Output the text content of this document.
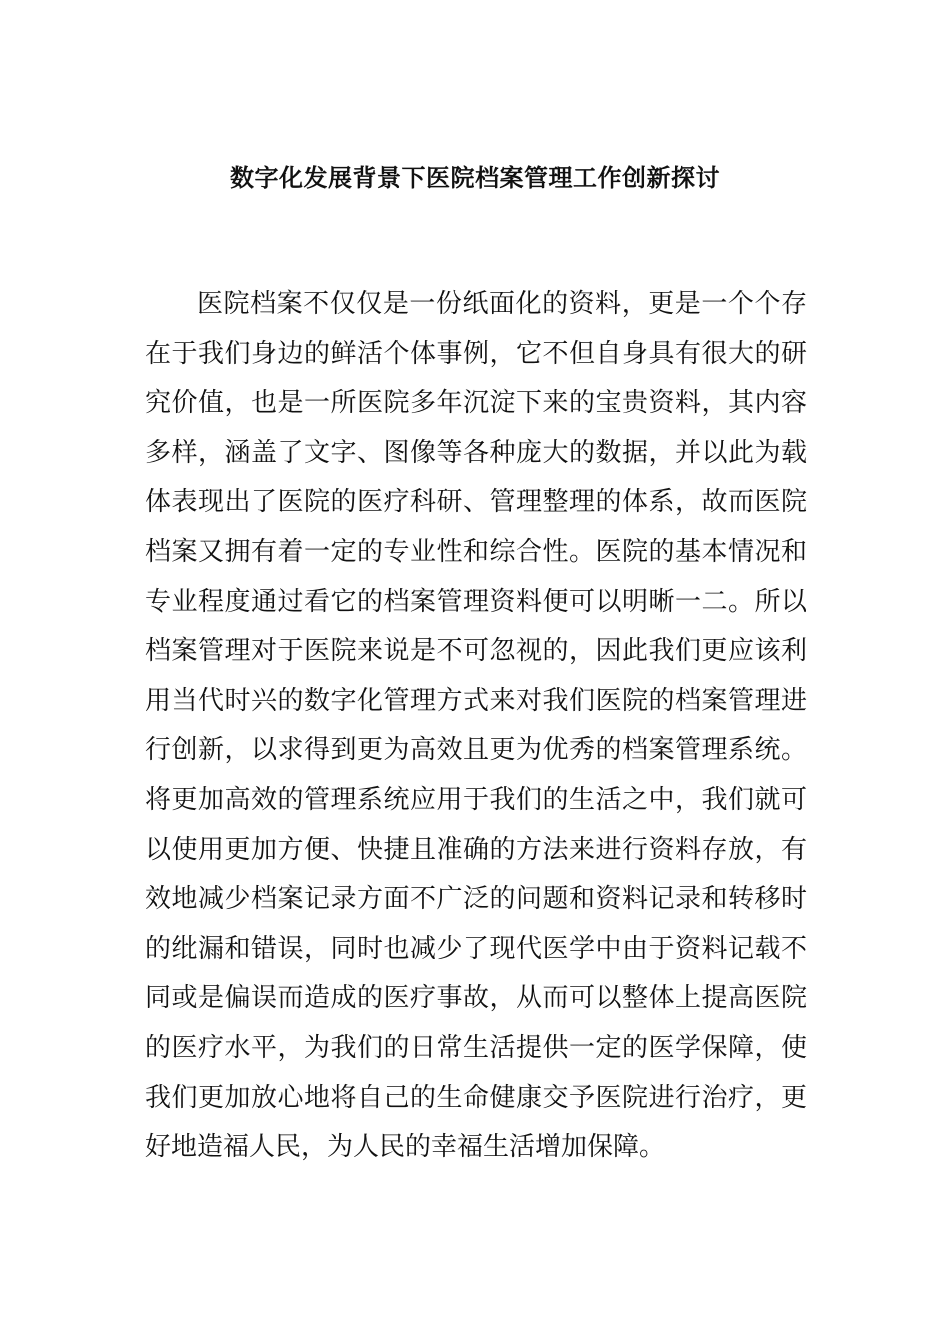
数字化发展背景下医院档案管理工作创新探讨

医院档案不仅仅是一份纸面化的资料，更是一个个存在于我们身边的鲜活个体事例，它不但自身具有很大的研究价值，也是一所医院多年沉淀下来的宝贵资料，其内容多样，涵盖了文字、图像等各种庞大的数据，并以此为载体表现出了医院的医疗科研、管理整理的体系，故而医院档案又拥有着一定的专业性和综合性。医院的基本情况和专业程度通过看它的档案管理资料便可以明晰一二。所以档案管理对于医院来说是不可忽视的，因此我们更应该利用当代时兴的数字化管理方式来对我们医院的档案管理进行创新，以求得到更为高效且更为优秀的档案管理系统。将更加高效的管理系统应用于我们的生活之中，我们就可以使用更加方便、快捷且准确的方法来进行资料存放，有效地减少档案记录方面不广泛的问题和资料记录和转移时的纰漏和错误，同时也减少了现代医学中由于资料记载不同或是偏误而造成的医疗事故，从而可以整体上提高医院的医疗水平，为我们的日常生活提供一定的医学保障，使我们更加放心地将自己的生命健康交予医院进行治疗，更好地造福人民，为人民的幸福生活增加保障。
